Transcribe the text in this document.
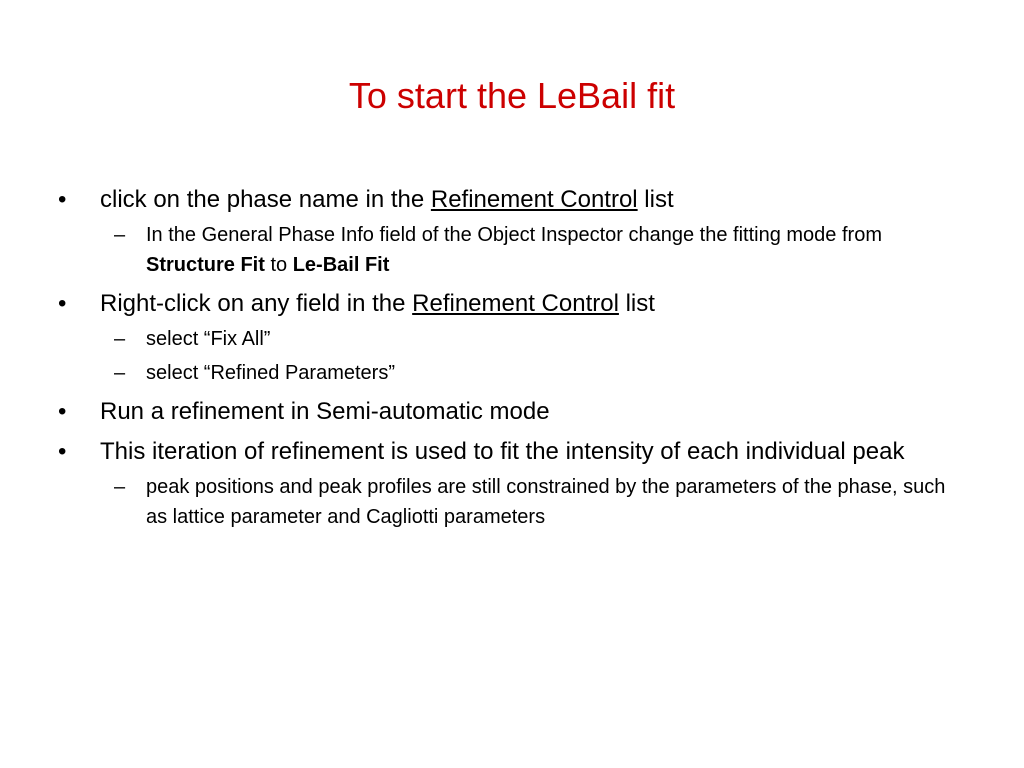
To start the LeBail fit
•	click on the phase name in the Refinement Control list
– In the General Phase Info field of the Object Inspector change the fitting mode from Structure Fit to Le-Bail Fit
•	Right-click on any field in the Refinement Control list
– select “Fix All”
– select “Refined Parameters”
•	Run a refinement in Semi-automatic mode
•	This iteration of refinement is used to fit the intensity of each individual peak
– peak positions and peak profiles are still constrained by the parameters of the phase, such as lattice parameter and Cagliotti parameters
